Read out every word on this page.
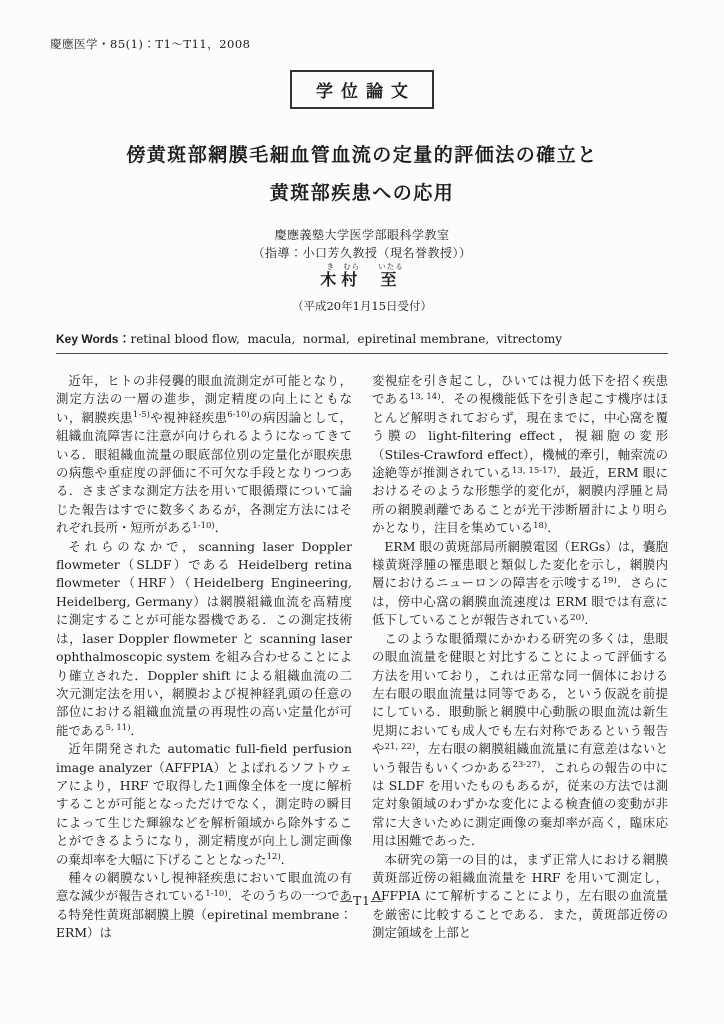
慶應医学・85(1)：T1〜T11，2008
学位論文
傍黄斑部網膜毛細血管血流の定量的評価法の確立と
黄斑部疾患への応用
慶應義塾大学医学部眼科学教室
（指導：小口芳久教授（現名誉教授））
木き村むら至いたる
（平成20年1月15日受付）
Key Words：retinal blood flow,  macula,  normal,  epiretinal membrane,  vitrectomy

近年，ヒトの非侵襲的眼血流測定が可能となり，測定方法の一層の進歩，測定精度の向上にともない，網膜疾患$^{1-5)}$や視神経疾患$^{6-10)}$の病因論として，組織血流障害に注意が向けられるようになってきている．眼組織血流量の眼底部位別の定量化が眼疾患の病態や重症度の評価に不可欠な手段となりつつある．さまざまな測定方法を用いて眼循環について論じた報告はすでに数多くあるが，各測定方法にはそれぞれ長所・短所がある$^{1-10)}$．

それらのなかで，scanning laser Doppler flowmeter（SLDF）である Heidelberg retina flowmeter（HRF）（Heidelberg Engineering, Heidelberg, Germany）は網膜組織血流を高精度に測定することが可能な器機である．この測定技術は，laser Doppler flowmeter と scanning laser ophthalmoscopic system を組み合わせることにより確立された．Doppler shift による組織血流の二次元測定法を用い，網膜および視神経乳頭の任意の部位における組織血流量の再現性の高い定量化が可能である$^{5, 11)}$．

近年開発された automatic full-field perfusion image analyzer（AFFPIA）とよばれるソフトウェアにより，HRF で取得した1画像全体を一度に解析することが可能となっただけでなく，測定時の瞬目によって生じた輝線などを解析領域から除外することができるようになり，測定精度が向上し測定画像の棄却率を大幅に下げることとなった$^{12)}$．

種々の網膜ないし視神経疾患において眼血流の有意な減少が報告されている$^{1-10)}$．そのうちの一つである特発性黄斑部網膜上膜（epiretinal membrane：ERM）は

変視症を引き起こし，ひいては視力低下を招く疾患である$^{13, 14)}$．その視機能低下を引き起こす機序はほとんど解明されておらず，現在までに，中心窩を覆う膜の light-filtering effect，視細胞の変形（Stiles-Crawford effect），機械的牽引，軸索流の途絶等が推測されている$^{13, 15-17)}$．最近，ERM 眼におけるそのような形態学的変化が，網膜内浮腫と局所の網膜剥離であることが光干渉断層計により明らかとなり，注目を集めている$^{18)}$．

ERM 眼の黄斑部局所網膜電図（ERGs）は，嚢胞様黄斑浮腫の罹患眼と類似した変化を示し，網膜内層におけるニューロンの障害を示唆する$^{19)}$．さらには，傍中心窩の網膜血流速度は ERM 眼では有意に低下していることが報告されている$^{20)}$．

このような眼循環にかかわる研究の多くは，患眼の眼血流量を健眼と対比することによって評価する方法を用いており，これは正常な同一個体における左右眼の眼血流量は同等である，という仮説を前提にしている．眼動脈と網膜中心動脈の眼血流は新生児期においても成人でも左右対称であるという報告や$^{21, 22)}$，左右眼の網膜組織血流量に有意差はないという報告もいくつかある$^{23-27)}$．これらの報告の中には SLDF を用いたものもあるが，従来の方法では測定対象領域のわずかな変化による検査値の変動が非常に大きいために測定画像の棄却率が高く，臨床応用は困難であった．

本研究の第一の目的は，まず正常人における網膜黄斑部近傍の組織血流量を HRF を用いて測定し，AFFPIA にて解析することにより，左右眼の血流量を厳密に比較することである．また，黄斑部近傍の測定領域を上部と

―T1―
